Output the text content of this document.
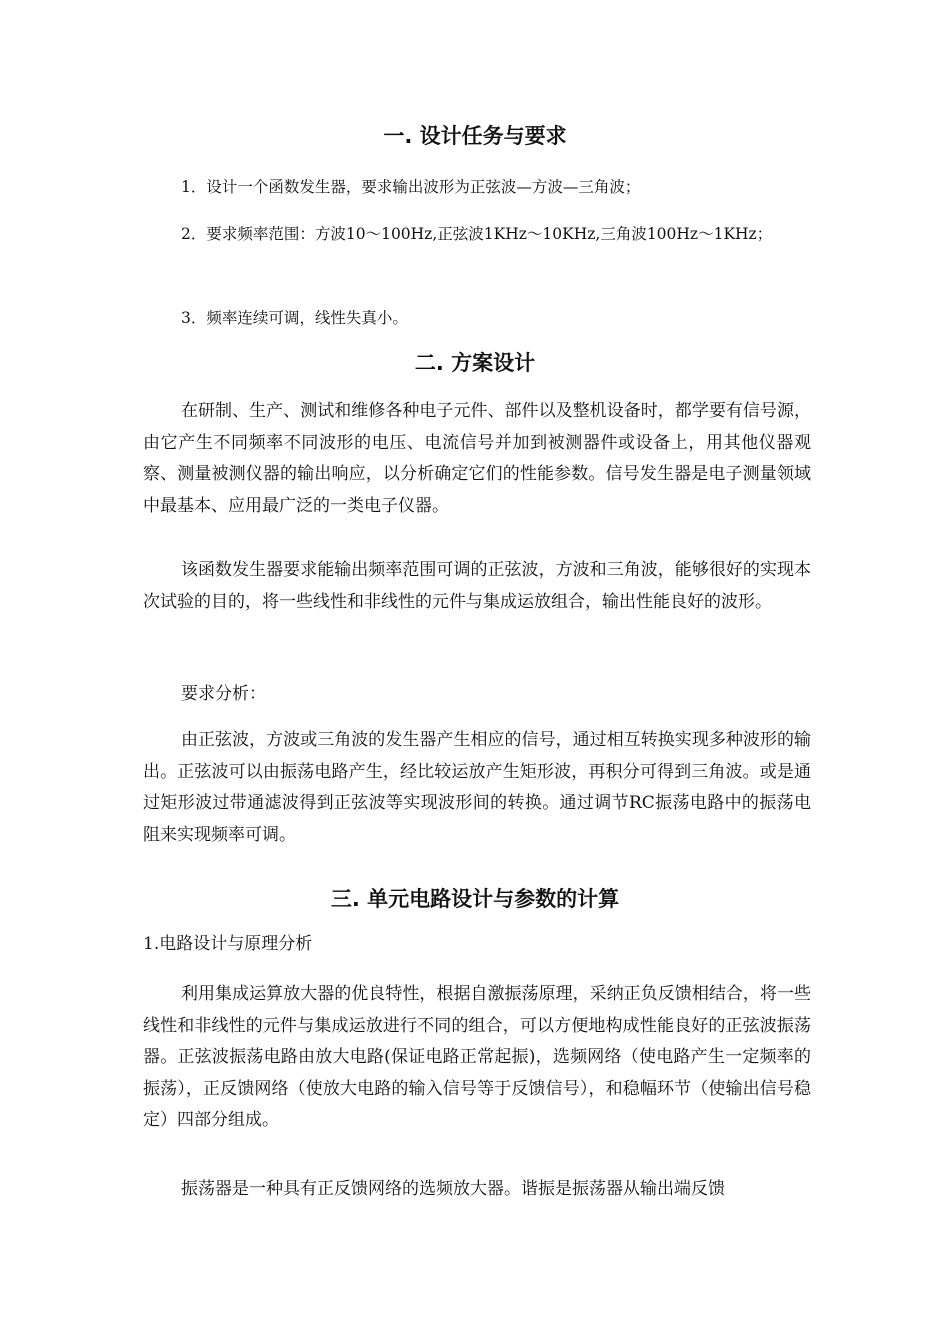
一. 设计任务与要求

1．设计一个函数发生器，要求输出波形为正弦波—方波—三角波；

2．要求频率范围：方波10～100Hz,正弦波1KHz～10KHz,三角波100Hz～1KHz；

3．频率连续可调，线性失真小。

二. 方案设计

在研制、生产、测试和维修各种电子元件、部件以及整机设备时，都学要有信号源，由它产生不同频率不同波形的电压、电流信号并加到被测器件或设备上，用其他仪器观察、测量被测仪器的输出响应，以分析确定它们的性能参数。信号发生器是电子测量领域中最基本、应用最广泛的一类电子仪器。

该函数发生器要求能输出频率范围可调的正弦波，方波和三角波，能够很好的实现本次试验的目的，将一些线性和非线性的元件与集成运放组合，输出性能良好的波形。

要求分析：

由正弦波，方波或三角波的发生器产生相应的信号，通过相互转换实现多种波形的输出。正弦波可以由振荡电路产生，经比较运放产生矩形波，再积分可得到三角波。或是通过矩形波过带通滤波得到正弦波等实现波形间的转换。通过调节RC振荡电路中的振荡电阻来实现频率可调。

三. 单元电路设计与参数的计算

1.电路设计与原理分析

利用集成运算放大器的优良特性，根据自激振荡原理，采纳正负反馈相结合，将一些线性和非线性的元件与集成运放进行不同的组合，可以方便地构成性能良好的正弦波振荡器。正弦波振荡电路由放大电路(保证电路正常起振)，选频网络（使电路产生一定频率的振荡），正反馈网络（使放大电路的输入信号等于反馈信号），和稳幅环节（使输出信号稳定）四部分组成。

振荡器是一种具有正反馈网络的选频放大器。谐振是振荡器从输出端反馈
